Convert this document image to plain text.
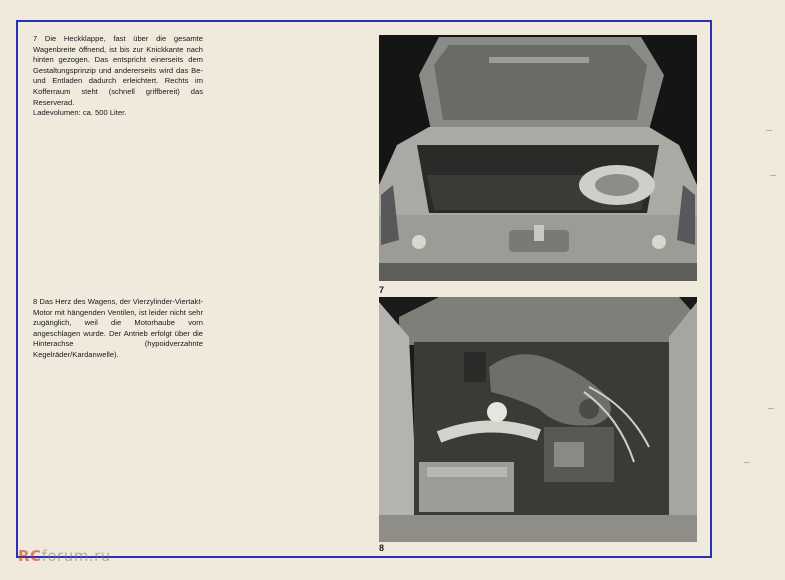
7 Die Heckklappe, fast über die gesamte Wagenbreite öffnend, ist bis zur Knickkante nach hinten gezogen. Das entspricht einerseits dem Gestaltungsprinzip und andererseits wird das Be- und Entladen dadurch erleichtert. Rechts im Kofferraum steht (schnell griffbereit) das Reserverad.

Ladevolumen: ca. 500 Liter.

8 Das Herz des Wagens, der Vierzylinder-Viertakt-Motor mit hängenden Ventilen, ist leider nicht sehr zugänglich, weil die Motorhaube vorn angeschlagen wurde. Der Antrieb erfolgt über die Hinterachse (hypoidverzahnte Kegelräder/Kardanwelle).

7
8
RCforum.ru
